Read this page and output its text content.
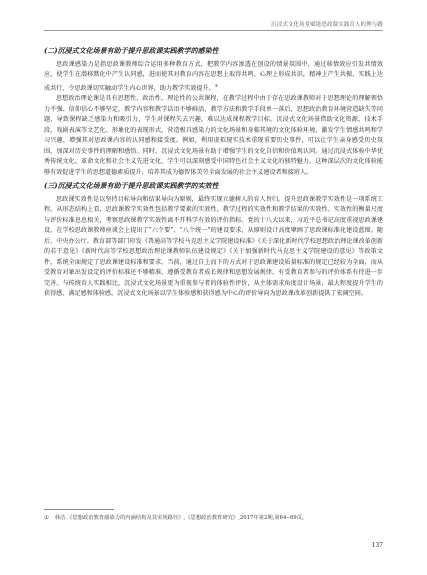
沉浸式文化场景赋能思政课实践育人的理与路
(二)沉浸式文化场景有助于提升思政课实践教学的感染性

思政课感染力是指思政课教师综合运用多种教育方式，把教学内容渗透在创设的情景氛围中，通过移情效应引发共情效应，使学生在潜移默化中产生认同感，进而使其对教育内容在思想上取得共鸣、心理上形成共识，精神上产生共振，实践上达成共行，令思政课切实触动学生内心世界，助力教学实效提升。①

思想政治理论课是具有思想性、政治性、理论性的公共课程，在教学过程中由于存在思政课教师对于思想理论的理解领悟力不强、信仰信心不够坚定，教学内容和教学话语不够鲜活，教学方法和教学手段单一落后，思想政治教育环境营造缺失等问题，导致课程缺乏感染力和吸引力，学生对课程失去兴趣，难以达成课程教学目标。沉浸式文化场景借助文化资源、技术手段、戏剧表演等文艺化、形象化的表现形式，营造极具感染力的文化场景和身临其境的文化体验环境，激发学生情感共鸣和学习兴趣，增强其对思政课内容的认同感和接受度。例如，利用虚拟现实技术重现重要历史事件，可以让学生亲身感受历史氛围，加深对历史事件的理解和感悟。同时，沉浸式文化场景有助于增强学生的文化自信和价值观认同。通过沉浸式体验中华优秀传统文化、革命文化和社会主义先进文化，学生可以深刻感受中国特色社会主义文化的独特魅力。这种深层次的文化体验能够有效促进学生的思想道德素质提升，培养其成为德智体美劳全面发展的社会主义建设者和接班人。

(三)沉浸式文化场景有助于提升思政课实践教学的实效性

思政课实效性是以坚持目标导向和结果导向为原则，最终实现立德树人的育人旨归。提升思政课教学实效性是一项系统工程，从形态结构上看，思政课教学实效性包括教学要素的实效性、教学过程的实效性和教学结果的实效性。实效性的衡量尺度与评价标准息息相关，考察思政课教学实效性离不开科学有效的评价指标。党的十八大以来，习近平总书记高度重视思政课建设，在学校思政课教师座谈会上提出了“六个要”、“八个统一”的建设要求，从原则设计高度擘画了思政课标准化建设蓝图。随后，中央办公厅、教育部等部门印发《普通高等学校马克思主义学院建设标准》《关于深化新时代学校思想政治理论课改革创新的若干意见》《新时代高等学校思想政治理论课教师队伍建设规定》《关于加强新时代马克思主义学院建设的意见》等政策文件，系统全面规定了思政课建设标准和要求。当前，通过自上而下的方式对于思政课建设质量标准的规定已经较为全面，而从受教育对象出发设定的评价标准还不够精准，遵循受教育者成长规律和思想发展规律，有受教育者参与的评价体系有待进一步完善。与传统育人实践相比，沉浸式文化场景更为重视参与者的体验性评价，从主体需求角度设计场景，最大程度提升学生的获得感，满足感和体验感。沉浸式文化场景以学生体验感和获得感为中心的评价导向为思政课改革创新提供了宏阔空间。

① 林洁.《思想政治教育感染力的内涵结构及其实现路径》,《思想政治教育研究》,2017年第2期,第64--69页。
137
